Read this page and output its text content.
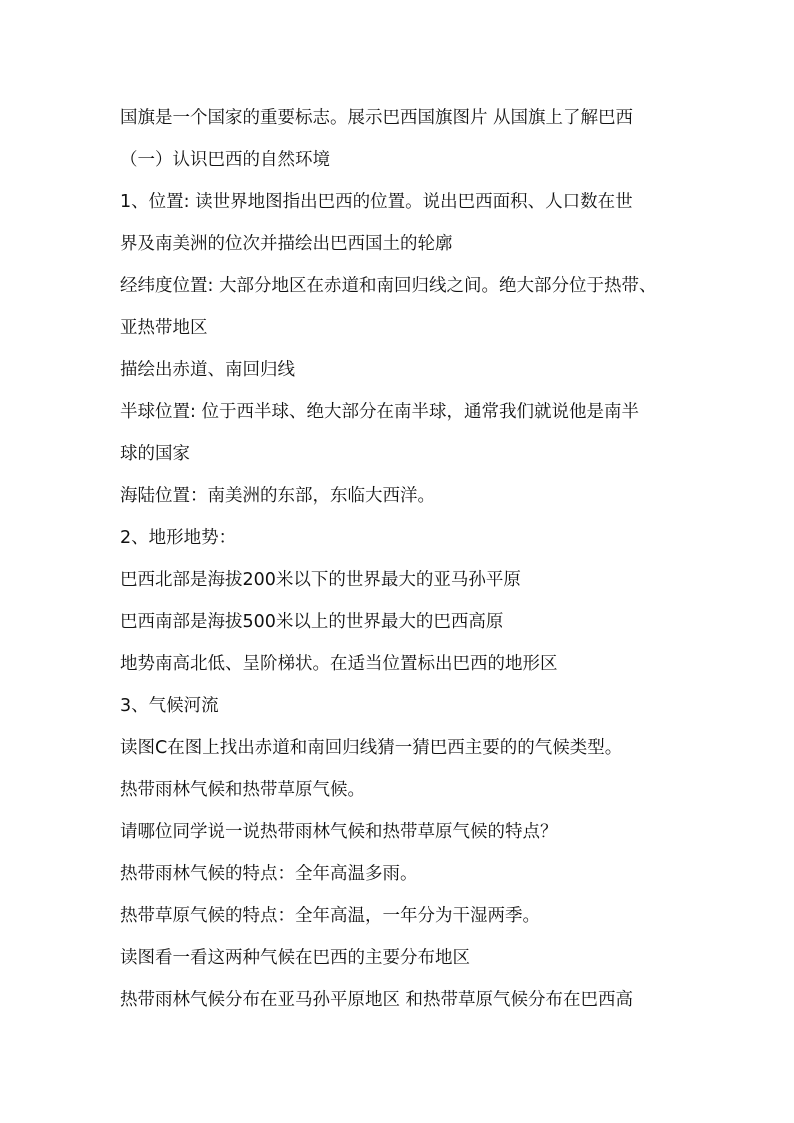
国旗是一个国家的重要标志。展示巴西国旗图片 从国旗上了解巴西
（一）认识巴西的自然环境
1、位置: 读世界地图指出巴西的位置。说出巴西面积、人口数在世
界及南美洲的位次并描绘出巴西国土的轮廓
经纬度位置: 大部分地区在赤道和南回归线之间。绝大部分位于热带、
亚热带地区
描绘出赤道、南回归线
半球位置: 位于西半球、绝大部分在南半球，通常我们就说他是南半
球的国家
海陆位置：南美洲的东部，东临大西洋。
2、地形地势：
巴西北部是海拔200米以下的世界最大的亚马孙平原
巴西南部是海拔500米以上的世界最大的巴西高原
地势南高北低、呈阶梯状。在适当位置标出巴西的地形区
3、气候河流
读图C在图上找出赤道和南回归线猜一猜巴西主要的的气候类型。
热带雨林气候和热带草原气候。
请哪位同学说一说热带雨林气候和热带草原气候的特点？
热带雨林气候的特点：全年高温多雨。
热带草原气候的特点：全年高温，一年分为干湿两季。
读图看一看这两种气候在巴西的主要分布地区
热带雨林气候分布在亚马孙平原地区 和热带草原气候分布在巴西高
